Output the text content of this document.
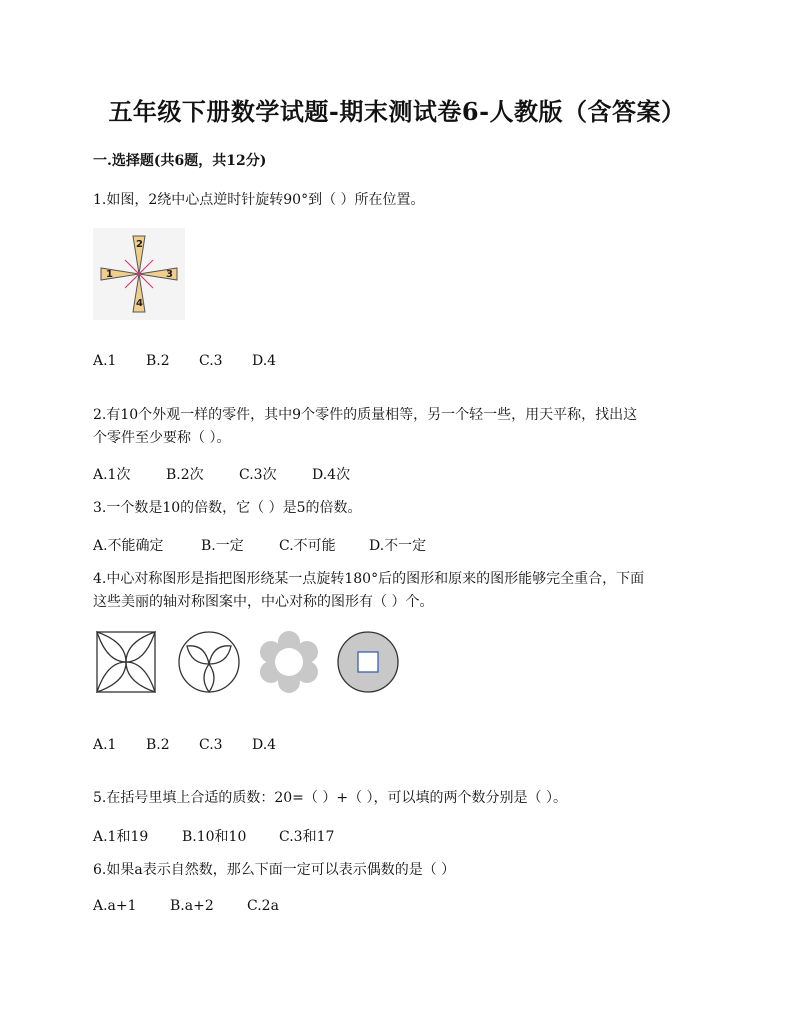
五年级下册数学试题-期末测试卷6-人教版（含答案）
一.选择题(共6题，共12分)
1.如图，2绕中心点逆时针旋转90°到（ ）所在位置。
1
2
3
4
A.1 B.2 C.3 D.4
2.有10个外观一样的零件，其中9个零件的质量相等，另一个轻一些，用天平称，找出这
个零件至少要称（ ）。
A.1次	B.2次	C.3次	D.4次
3.一个数是10的倍数，它（ ）是5的倍数。
A.不能确定	B.一定	C.不可能 D.不一定
4.中心对称图形是指把图形绕某一点旋转180°后的图形和原来的图形能够完全重合，下面
这些美丽的轴对称图案中，中心对称的图形有（ ）个。
A.1 B.2 C.3 D.4
5.在括号里填上合适的质数：20=（ ）+（ ），可以填的两个数分别是（ ）。
A.1和19 B.10和10 C.3和17
6.如果a表示自然数，那么下面一定可以表示偶数的是（ ）
A.a+1 B.a+2 C.2a
